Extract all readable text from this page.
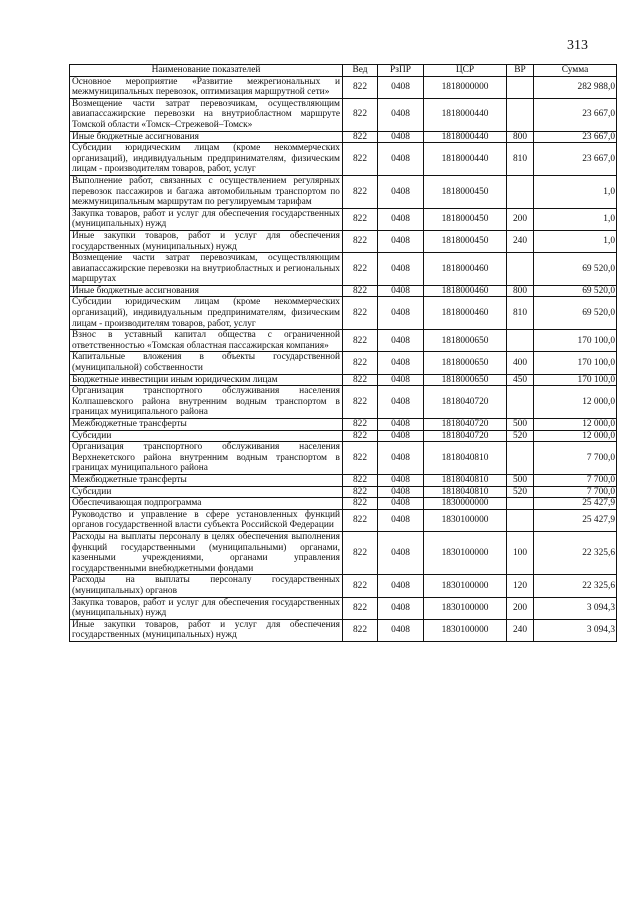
313
Наименование показателей	Вед	РзПР	ЦСР	ВР	Сумма
Основное мероприятие «Развитие межрегиональных и межмуниципальных перевозок, оптимизация маршрутной сети»	822	0408	1818000000		282 988,0
Возмещение части затрат перевозчикам, осуществляющим авиапассажирские перевозки на внутриобластном маршруте Томской области «Томск–Стрежевой–Томск»	822	0408	1818000440		23 667,0
Иные бюджетные ассигнования	822	0408	1818000440	800	23 667,0
Субсидии юридическим лицам (кроме некоммерческих организаций), индивидуальным предпринимателям, физическим лицам - производителям товаров, работ, услуг	822	0408	1818000440	810	23 667,0
Выполнение работ, связанных с осуществлением регулярных перевозок пассажиров и багажа автомобильным транспортом по межмуниципальным маршрутам по регулируемым тарифам	822	0408	1818000450		1,0
Закупка товаров, работ и услуг для обеспечения государственных (муниципальных) нужд	822	0408	1818000450	200	1,0
Иные закупки товаров, работ и услуг для обеспечения государственных (муниципальных) нужд	822	0408	1818000450	240	1,0
Возмещение части затрат перевозчикам, осуществляющим авиапассажирские перевозки на внутриобластных и региональных маршрутах	822	0408	1818000460		69 520,0
Иные бюджетные ассигнования	822	0408	1818000460	800	69 520,0
Субсидии юридическим лицам (кроме некоммерческих организаций), индивидуальным предпринимателям, физическим лицам - производителям товаров, работ, услуг	822	0408	1818000460	810	69 520,0
Взнос в уставный капитал общества с ограниченной ответственностью «Томская областная пассажирская компания»	822	0408	1818000650		170 100,0
Капитальные вложения в объекты государственной (муниципальной) собственности	822	0408	1818000650	400	170 100,0
Бюджетные инвестиции иным юридическим лицам	822	0408	1818000650	450	170 100,0
Организация транспортного обслуживания населения Колпашевского района внутренним водным транспортом в границах муниципального района	822	0408	1818040720		12 000,0
Межбюджетные трансферты	822	0408	1818040720	500	12 000,0
Субсидии	822	0408	1818040720	520	12 000,0
Организация транспортного обслуживания населения Верхнекетского района внутренним водным транспортом в границах муниципального района	822	0408	1818040810		7 700,0
Межбюджетные трансферты	822	0408	1818040810	500	7 700,0
Субсидии	822	0408	1818040810	520	7 700,0
Обеспечивающая подпрограмма	822	0408	1830000000		25 427,9
Руководство и управление в сфере установленных функций органов государственной власти субъекта Российской Федерации	822	0408	1830100000		25 427,9
Расходы на выплаты персоналу в целях обеспечения выполнения функций государственными (муниципальными) органами, казенными учреждениями, органами управления государственными внебюджетными фондами	822	0408	1830100000	100	22 325,6
Расходы на выплаты персоналу государственных (муниципальных) органов	822	0408	1830100000	120	22 325,6
Закупка товаров, работ и услуг для обеспечения государственных (муниципальных) нужд	822	0408	1830100000	200	3 094,3
Иные закупки товаров, работ и услуг для обеспечения государственных (муниципальных) нужд	822	0408	1830100000	240	3 094,3
